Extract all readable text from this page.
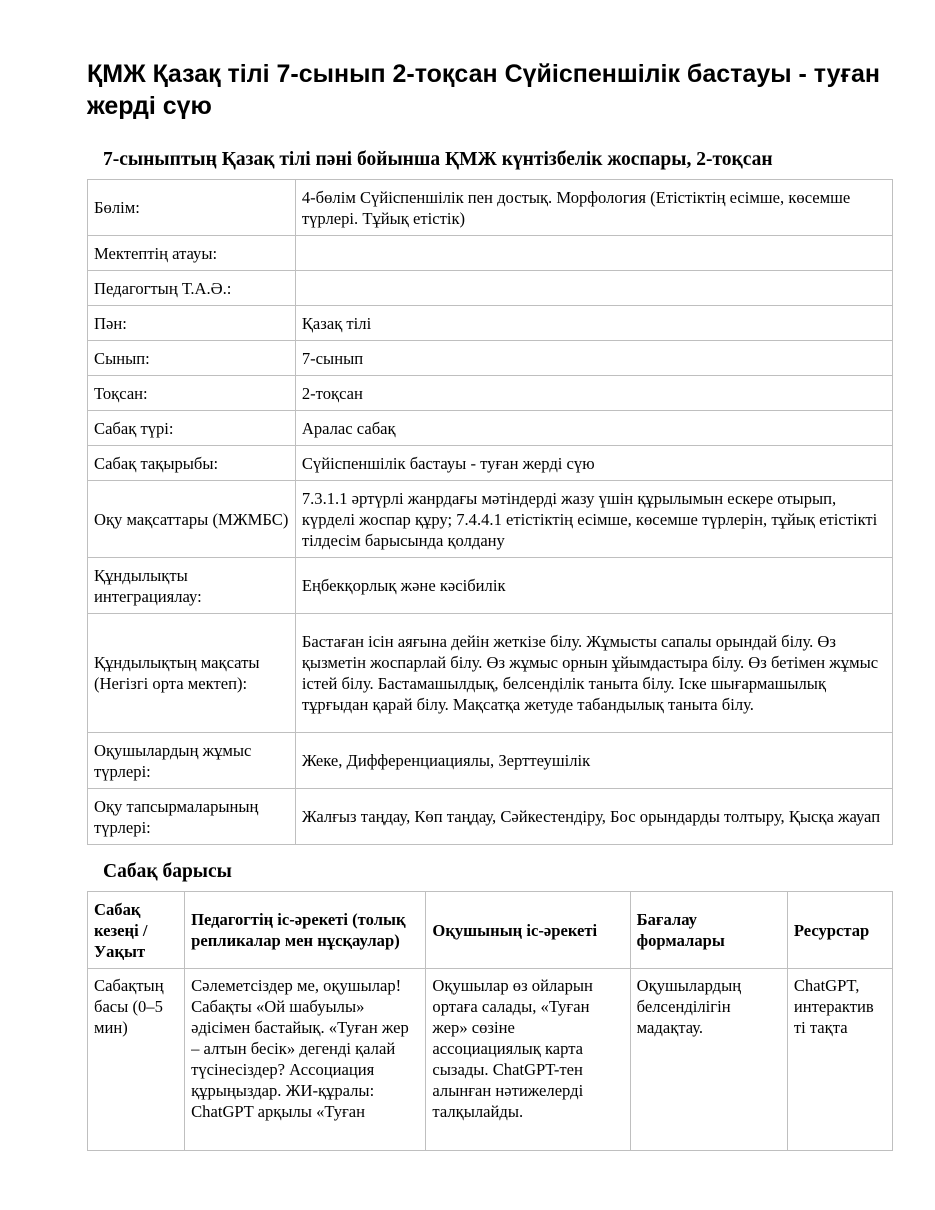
ҚМЖ Қазақ тілі 7-сынып 2-тоқсан Сүйіспеншілік бастауы - туған жерді сүю
7-сыныптың Қазақ тілі пәні бойынша ҚМЖ күнтізбелік жоспары, 2-тоқсан
Бөлім:	4-бөлім Сүйіспеншілік пен достық. Морфология (Етістіктің есімше, көсемше түрлері. Тұйық етістік)
Мектептің атауы:	
Педагогтың Т.А.Ә.:	
Пән:	Қазақ тілі
Сынып:	7-сынып
Тоқсан:	2-тоқсан
Сабақ түрі:	Аралас сабақ
Сабақ тақырыбы:	Сүйіспеншілік бастауы - туған жерді сүю
Оқу мақсаттары (МЖМБС)	7.3.1.1 әртүрлі жанрдағы мәтіндерді жазу үшін құрылымын ескере отырып, күрделі жоспар құру; 7.4.4.1 етістіктің есімше, көсемше түрлерін, тұйық етістікті тілдесім барысында қолдану
Құндылықты интеграциялау:	Еңбекқорлық және кәсібилік
Құндылықтың мақсаты (Негізгі орта мектеп):	Бастаған ісін аяғына дейін жеткізе білу. Жұмысты сапалы орындай білу. Өз қызметін жоспарлай білу. Өз жұмыс орнын ұйымдастыра білу. Өз бетімен жұмыс істей білу. Бастамашылдық, белсенділік таныта білу. Іске шығармашылық тұрғыдан қарай білу. Мақсатқа жетуде табандылық таныта білу.
Оқушылардың жұмыс түрлері:	Жеке, Дифференциациялы, Зерттеушілік
Оқу тапсырмаларының түрлері:	Жалғыз таңдау, Көп таңдау, Сәйкестендіру, Бос орындарды толтыру, Қысқа жауап
Сабақ барысы
Сабақ кезеңі / Уақыт	Педагогтің іс-әрекеті (толық репликалар мен нұсқаулар)	Оқушының іс-әрекеті	Бағалау формалары	Ресурстар
Сабақтың басы (0–5 мин)	Сәлеметсіздер ме, оқушылар! Сабақты «Ой шабуылы» әдісімен бастайық. «Туған жер – алтын бесік» дегенді қалай түсінесіздер? Ассоциация құрыңыздар. ЖИ-құралы: ChatGPT арқылы «Туған	Оқушылар өз ойларын ортаға салады, «Туған жер» сөзіне ассоциациялық карта сызады. ChatGPT-тен алынған нәтижелерді талқылайды.	Оқушылардың белсенділігін мадақтау.	ChatGPT, интерактив ті тақта
